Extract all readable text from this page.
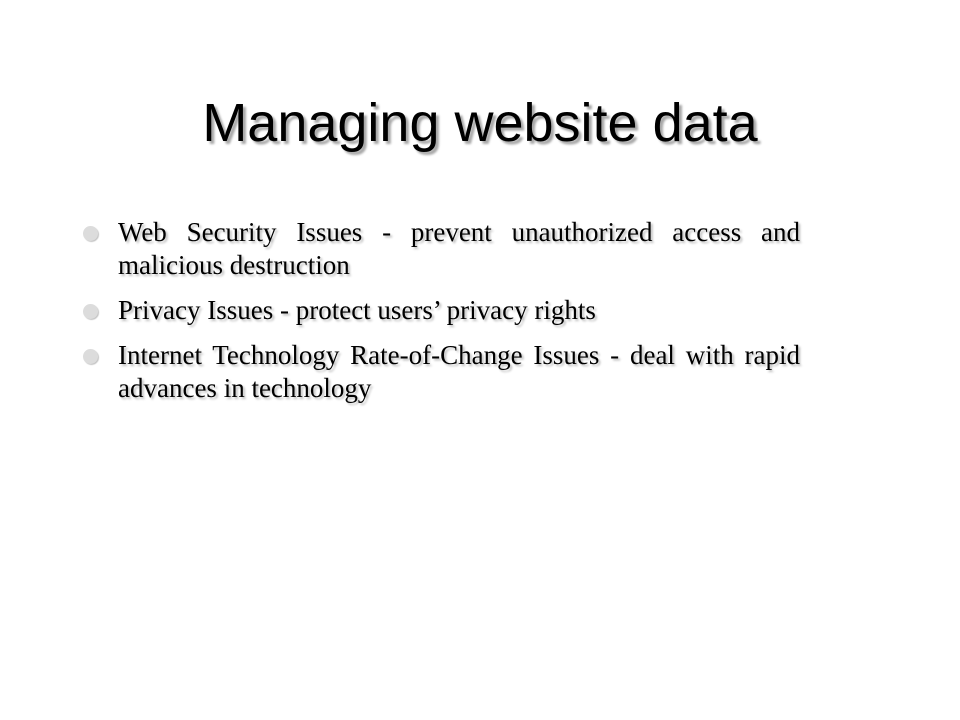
Managing website data
Web Security Issues - prevent unauthorized access and malicious destruction
Privacy Issues - protect users’ privacy rights
Internet Technology Rate-of-Change Issues - deal with rapid advances in technology
